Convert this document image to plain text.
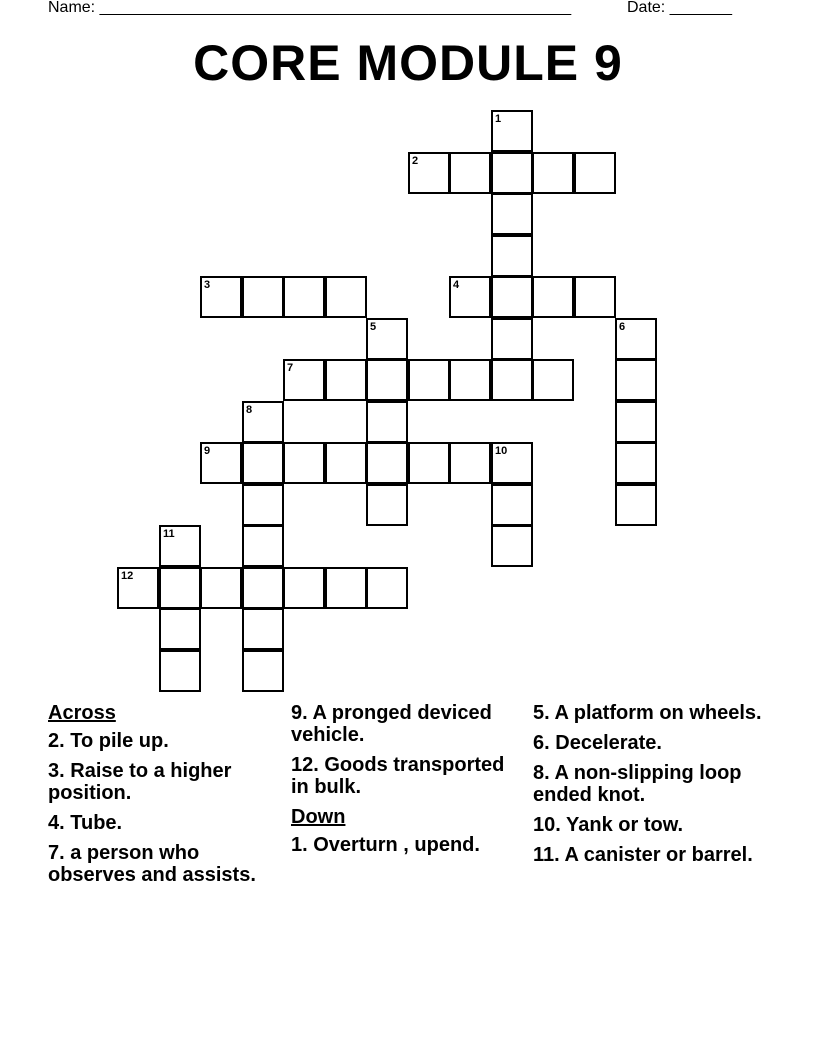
Name: _____________________________________________________	Date: _______
CORE MODULE 9
1
2
3	4
5	6
7
8
9	10
11
12
Across
2. To pile up.
3. Raise to a higher position.
4. Tube.
7. a person who observes and assists.
9. A pronged deviced vehicle.
12. Goods transported in bulk.
Down
1. Overturn , upend.
5. A platform on wheels.
6. Decelerate.
8. A non-slipping loop ended knot.
10. Yank or tow.
11. A canister or barrel.
